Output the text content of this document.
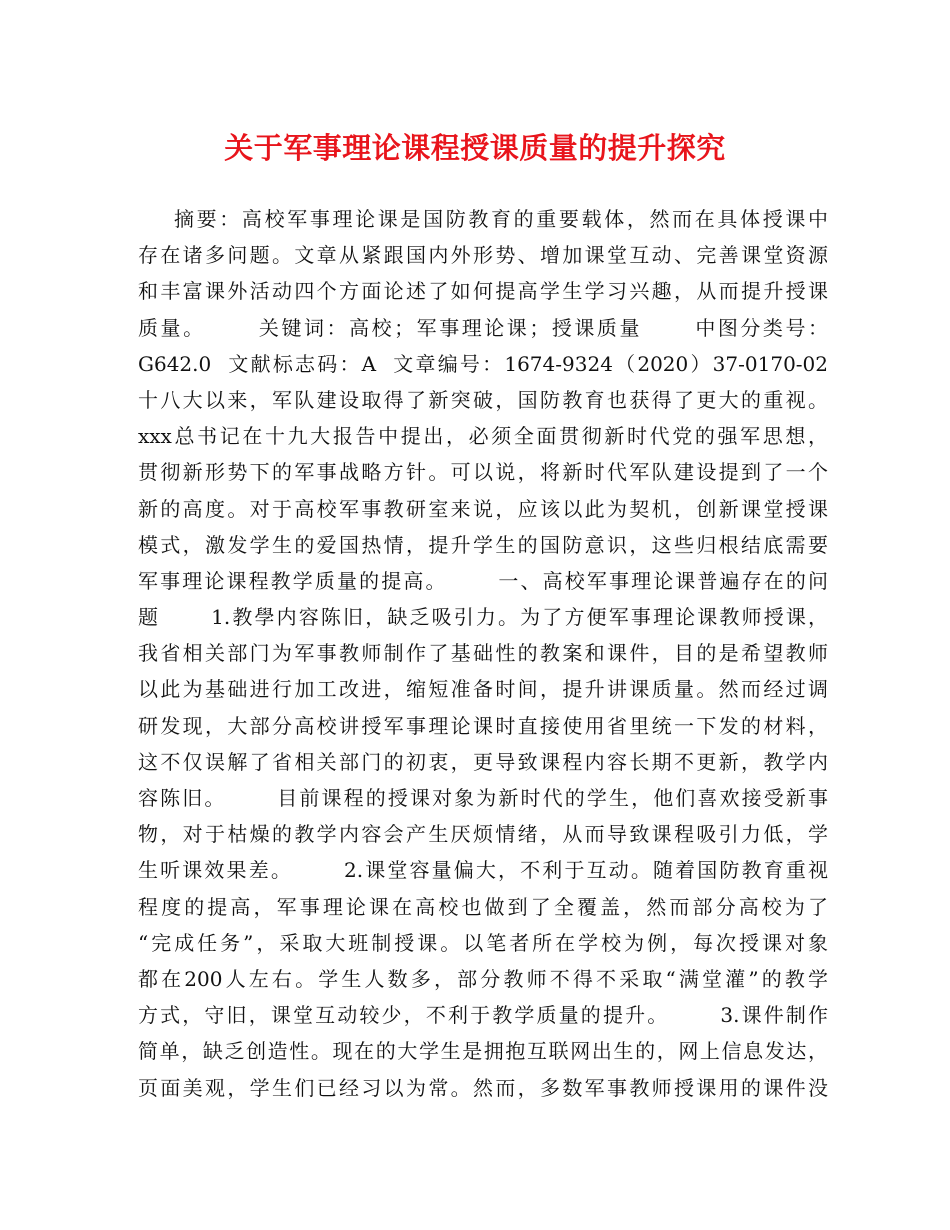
关于军事理论课程授课质量的提升探究
摘要：高校军事理论课是国防教育的重要载体，然而在具体授课中
存在诸多问题。文章从紧跟国内外形势、增加课堂互动、完善课堂资源
和丰富课外活动四个方面论述了如何提高学生学习兴趣，从而提升授课
质量。      关键词：高校；军事理论课；授课质量      中图分类号：
G642.0  文献标志码：A  文章编号：1674-9324（2020）37-0170-02
十八大以来，军队建设取得了新突破，国防教育也获得了更大的重视。
xxx总书记在十九大报告中提出，必须全面贯彻新时代党的强军思想，
贯彻新形势下的军事战略方针。可以说，将新时代军队建设提到了一个
新的高度。对于高校军事教研室来说，应该以此为契机，创新课堂授课
模式，激发学生的爱国热情，提升学生的国防意识，这些归根结底需要
军事理论课程教学质量的提高。      一、高校军事理论课普遍存在的问
题      1.教學内容陈旧，缺乏吸引力。为了方便军事理论课教师授课，
我省相关部门为军事教师制作了基础性的教案和课件，目的是希望教师
以此为基础进行加工改进，缩短准备时间，提升讲课质量。然而经过调
研发现，大部分高校讲授军事理论课时直接使用省里统一下发的材料，
这不仅误解了省相关部门的初衷，更导致课程内容长期不更新，教学内
容陈旧。      目前课程的授课对象为新时代的学生，他们喜欢接受新事
物，对于枯燥的教学内容会产生厌烦情绪，从而导致课程吸引力低，学
生听课效果差。      2.课堂容量偏大，不利于互动。随着国防教育重视
程度的提高，军事理论课在高校也做到了全覆盖，然而部分高校为了
“完成任务”，采取大班制授课。以笔者所在学校为例，每次授课对象
都在200人左右。学生人数多，部分教师不得不采取“满堂灌”的教学
方式，守旧，课堂互动较少，不利于教学质量的提升。      3.课件制作
简单，缺乏创造性。现在的大学生是拥抱互联网出生的，网上信息发达，
页面美观，学生们已经习以为常。然而，多数军事教师授课用的课件没
